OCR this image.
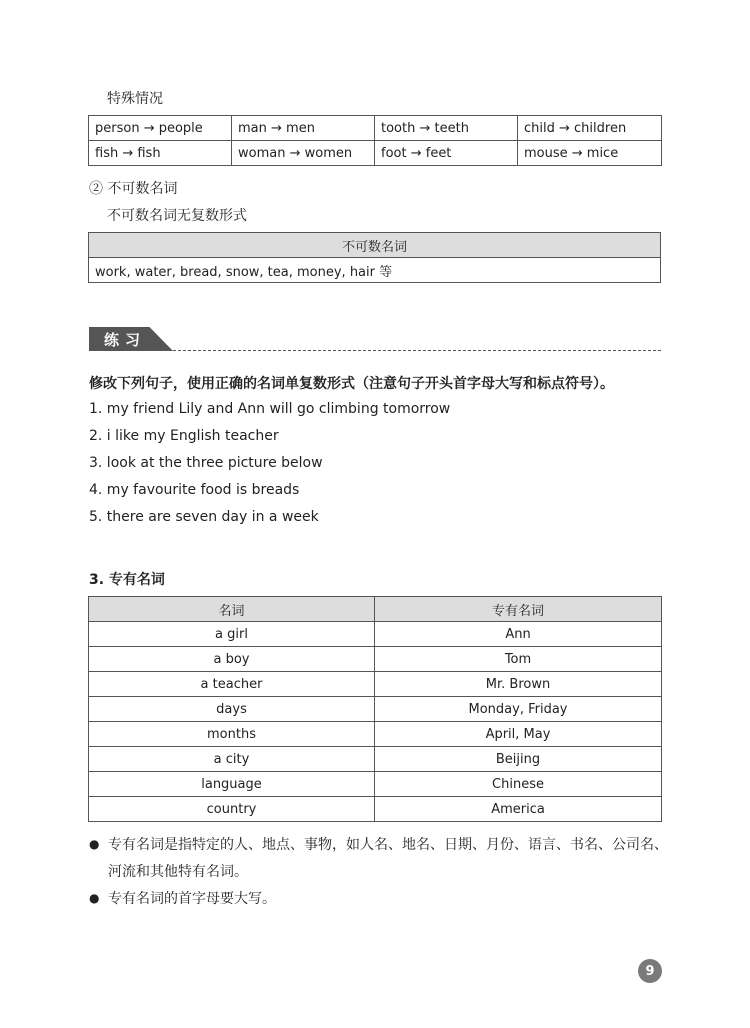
特殊情况
person → people	man → men	tooth → teeth	child → children
fish → fish	woman → women	foot → feet	mouse → mice
② 不可数名词
不可数名词无复数形式
不可数名词
work, water, bread, snow, tea, money, hair 等
练习
修改下列句子，使用正确的名词单复数形式（注意句子开头首字母大写和标点符号）。
1. my friend Lily and Ann will go climbing tomorrow
2. i like my English teacher
3. look at the three picture below
4. my favourite food is breads
5. there are seven day in a week
3. 专有名词
名词	专有名词
a girl	Ann
a boy	Tom
a teacher	Mr. Brown
days	Monday, Friday
months	April, May
a city	Beijing
language	Chinese
country	America
● 专有名词是指特定的人、地点、事物，如人名、地名、日期、月份、语言、书名、公司名、
河流和其他特有名词。
● 专有名词的首字母要大写。
9
